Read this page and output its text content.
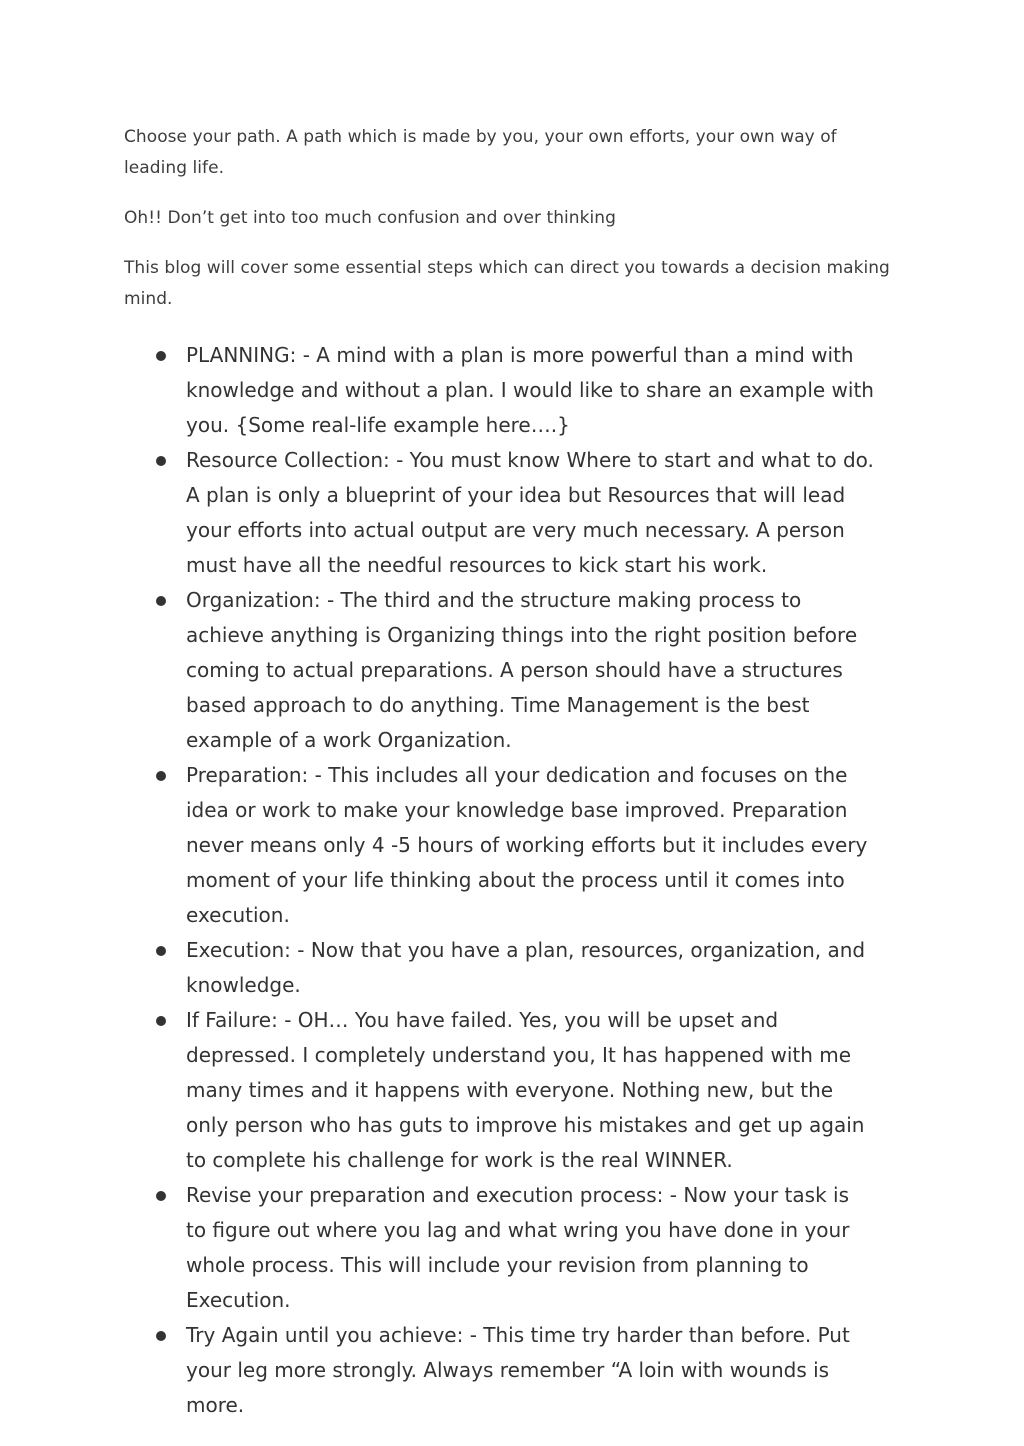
Choose your path. A path which is made by you, your own efforts, your own way of leading life.

Oh!! Don’t get into too much confusion and over thinking

This blog will cover some essential steps which can direct you towards a decision making mind.

PLANNING: - A mind with a plan is more powerful than a mind with knowledge and without a plan. I would like to share an example with you. {Some real-life example here….}
Resource Collection: - You must know Where to start and what to do. A plan is only a blueprint of your idea but Resources that will lead your efforts into actual output are very much necessary. A person must have all the needful resources to kick start his work.
Organization: - The third and the structure making process to achieve anything is Organizing things into the right position before coming to actual preparations. A person should have a structures based approach to do anything. Time Management is the best example of a work Organization.
Preparation: - This includes all your dedication and focuses on the idea or work to make your knowledge base improved. Preparation never means only 4 -5 hours of working efforts but it includes every moment of your life thinking about the process until it comes into execution.
Execution: - Now that you have a plan, resources, organization, and knowledge.
If Failure: - OH… You have failed. Yes, you will be upset and depressed. I completely understand you, It has happened with me many times and it happens with everyone. Nothing new, but the only person who has guts to improve his mistakes and get up again to complete his challenge for work is the real WINNER.
Revise your preparation and execution process: - Now your task is to figure out where you lag and what wring you have done in your whole process. This will include your revision from planning to Execution.
Try Again until you achieve: - This time try harder than before. Put your leg more strongly. Always remember “A loin with wounds is more.
